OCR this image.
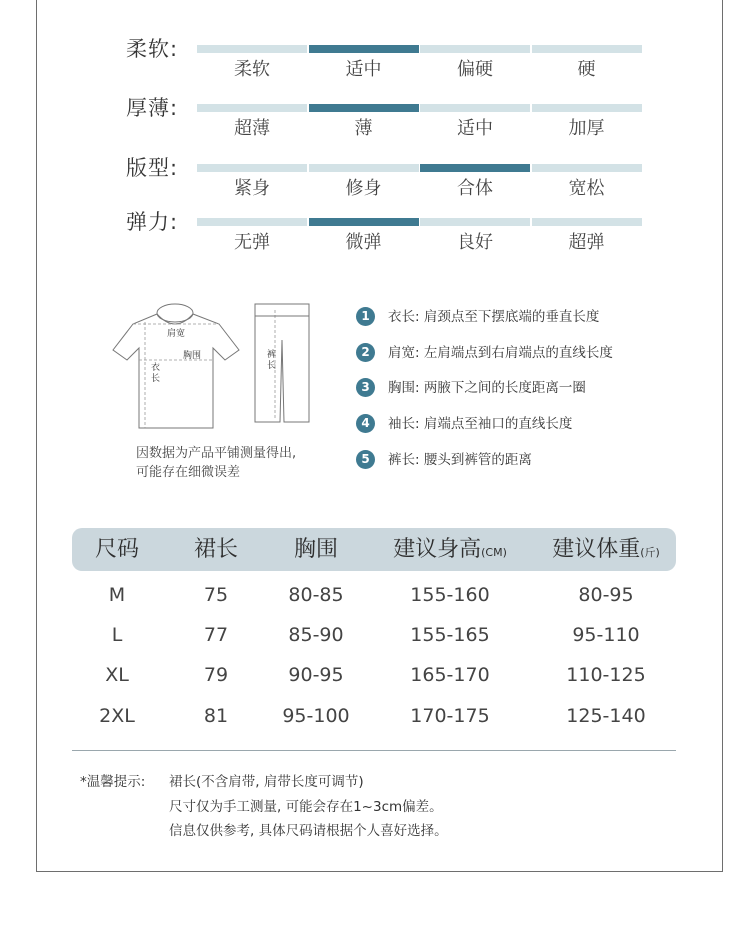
柔软:
柔软	适中	偏硬	硬
厚薄:
超薄	薄	适中	加厚
版型:
紧身	修身	合体	宽松
弹力:
无弹	微弹	良好	超弹
肩宽
胸围
衣
长
裤
长
因数据为产品平铺测量得出,
可能存在细微误差
1	衣长: 肩颈点至下摆底端的垂直长度
2	肩宽: 左肩端点到右肩端点的直线长度
3	胸围: 两腋下之间的长度距离一圈
4	袖长: 肩端点至袖口的直线长度
5	裤长: 腰头到裤管的距离
尺码	裙长	胸围	建议身高(CM)	建议体重(斤)
M	75	80-85	155-160	80-95
L	77	85-90	155-165	95-110
XL	79	90-95	165-170	110-125
2XL	81	95-100	170-175	125-140
*温馨提示: 裙长(不含肩带, 肩带长度可调节)
尺寸仅为手工测量, 可能会存在1~3cm偏差。
信息仅供参考, 具体尺码请根据个人喜好选择。
